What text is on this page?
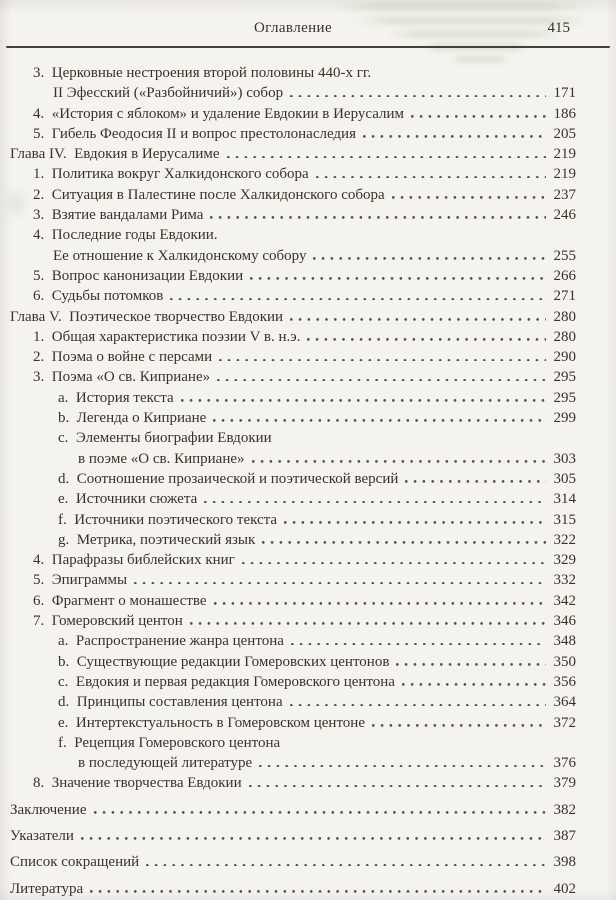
Оглавление	415
3.  Церковные нестроения второй половины 440-х гг.
II Эфесский («Разбойничий») собор	171
4.  «История с яблоком» и удаление Евдокии в Иерусалим	186
5.  Гибель Феодосия II и вопрос престолонаследия	205
Глава IV.  Евдокия в Иерусалиме	219
1.  Политика вокруг Халкидонского собора	219
2.  Ситуация в Палестине после Халкидонского собора	237
3.  Взятие вандалами Рима	246
4.  Последние годы Евдокии.
Ее отношение к Халкидонскому собору	255
5.  Вопрос канонизации Евдокии	266
6.  Судьбы потомков	271
Глава V.  Поэтическое творчество Евдокии	280
1.  Общая характеристика поэзии V в. н.э.	280
2.  Поэма о войне с персами	290
3.  Поэма «О св. Киприане»	295
a.  История текста	295
b.  Легенда о Киприане	299
c.  Элементы биографии Евдокии
в поэме «О св. Киприане»	303
d.  Соотношение прозаической и поэтической версий	305
e.  Источники сюжета	314
f.  Источники поэтического текста	315
g.  Метрика, поэтический язык	322
4.  Парафразы библейских книг	329
5.  Эпиграммы	332
6.  Фрагмент о монашестве	342
7.  Гомеровский центон	346
a.  Распространение жанра центона	348
b.  Существующие редакции Гомеровских центонов	350
c.  Евдокия и первая редакция Гомеровского центона	356
d.  Принципы составления центона	364
e.  Интертекстуальность в Гомеровском центоне	372
f.  Рецепция Гомеровского центона
в последующей литературе	376
8.  Значение творчества Евдокии	379
Заключение	382
Указатели	387
Список сокращений	398
Литература	402
